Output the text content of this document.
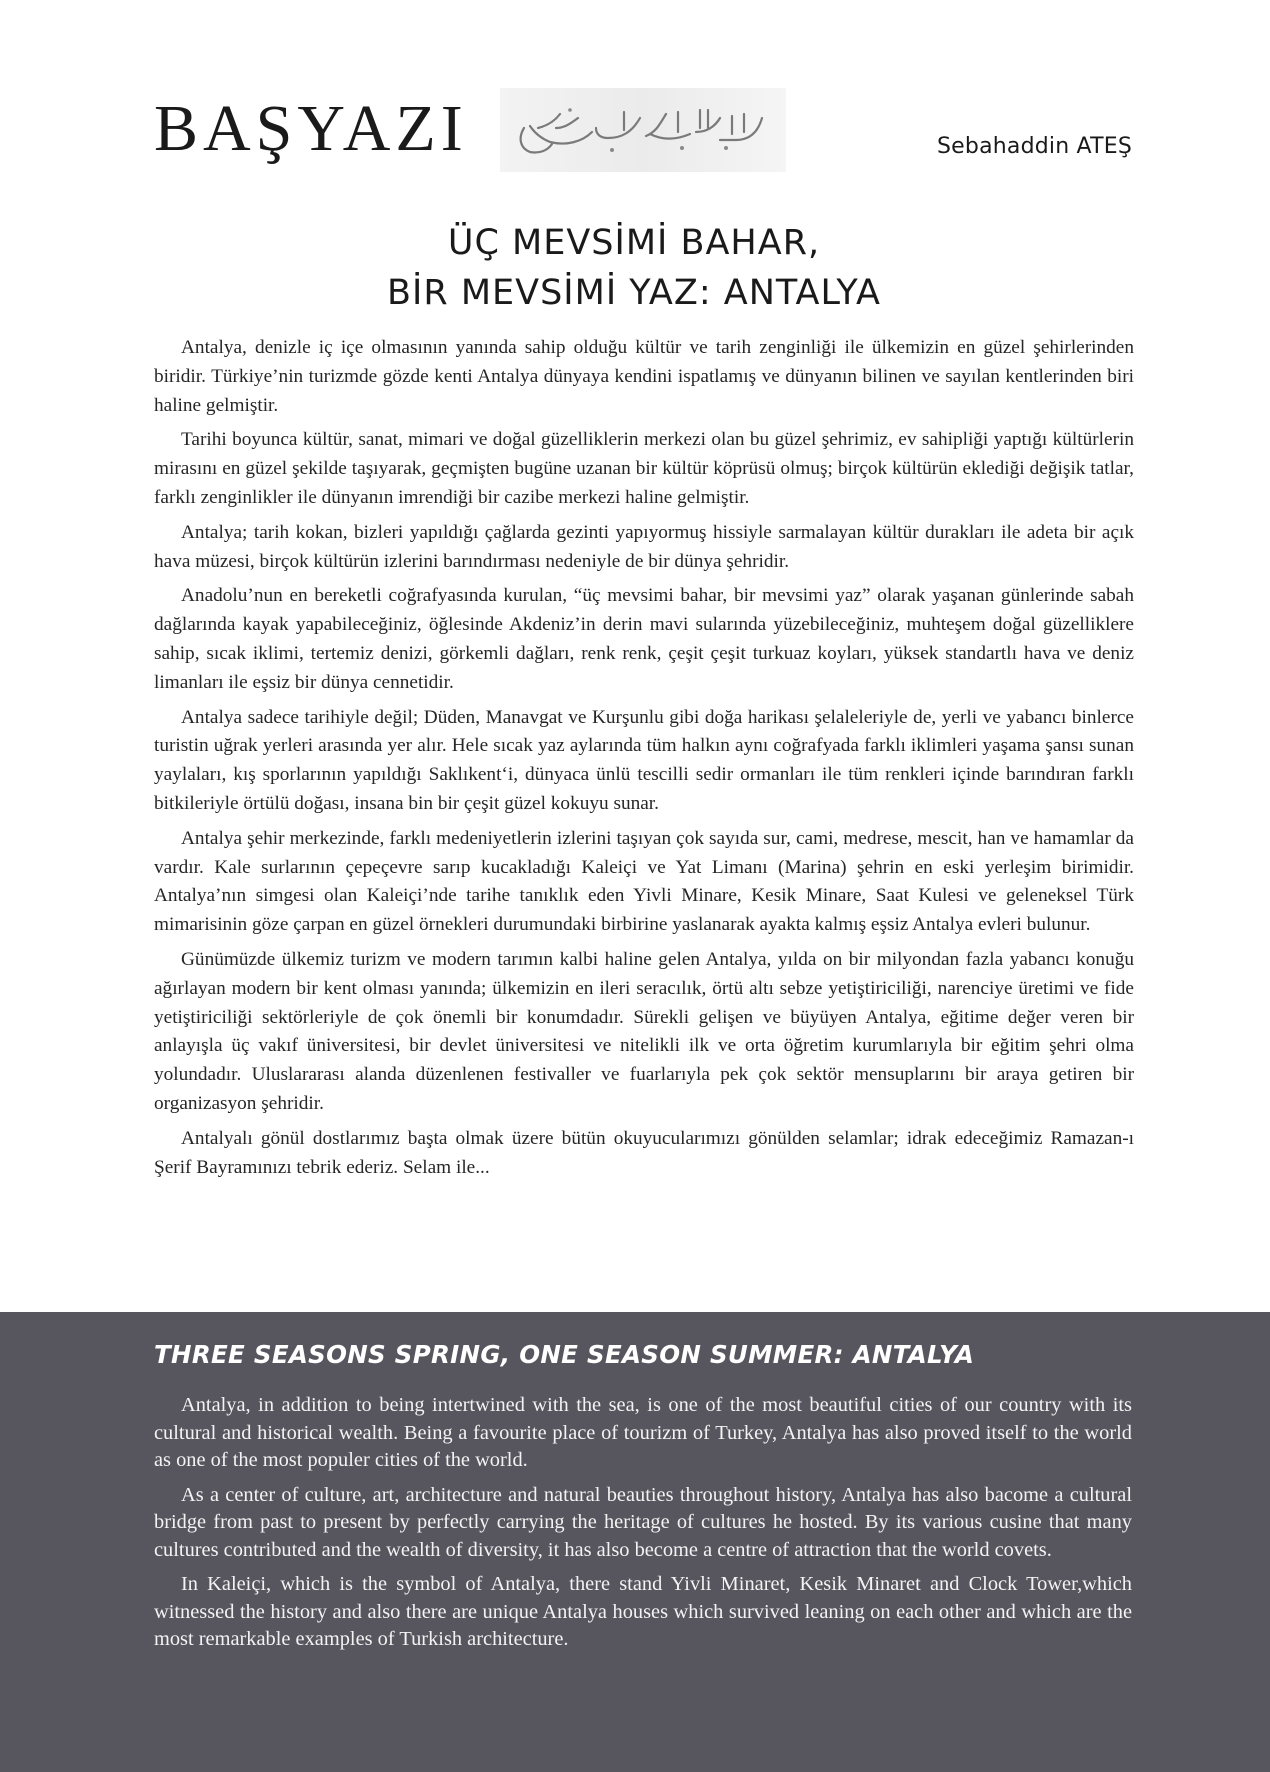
BAŞYAZI	Sebahaddin ATEŞ
ÜÇ MEVSİMİ BAHAR,
BİR MEVSİMİ YAZ: ANTALYA

Antalya, denizle iç içe olmasının yanında sahip olduğu kültür ve tarih zenginliği ile ülkemizin en güzel şehirlerinden biridir. Türkiye’nin turizmde gözde kenti Antalya dünyaya kendini ispatlamış ve dünyanın bilinen ve sayılan kentlerinden biri haline gelmiştir.

Tarihi boyunca kültür, sanat, mimari ve doğal güzelliklerin merkezi olan bu güzel şehrimiz, ev sahipliği yaptığı kültürlerin mirasını en güzel şekilde taşıyarak, geçmişten bugüne uzanan bir kültür köprüsü olmuş; birçok kültürün eklediği değişik tatlar, farklı zenginlikler ile dünyanın imrendiği bir cazibe merkezi haline gelmiştir.

Antalya; tarih kokan, bizleri yapıldığı çağlarda gezinti yapıyormuş hissiyle sarmalayan kültür durakları ile adeta bir açık hava müzesi, birçok kültürün izlerini barındırması nedeniyle de bir dünya şehridir.

Anadolu’nun en bereketli coğrafyasında kurulan, “üç mevsimi bahar, bir mevsimi yaz” olarak yaşanan günlerinde sabah dağlarında kayak yapabileceğiniz, öğlesinde Akdeniz’in derin mavi sularında yüzebileceğiniz, muhteşem doğal güzelliklere sahip, sıcak iklimi, tertemiz denizi, görkemli dağları, renk renk, çeşit çeşit turkuaz koyları, yüksek standartlı hava ve deniz limanları ile eşsiz bir dünya cennetidir.

Antalya sadece tarihiyle değil; Düden, Manavgat ve Kurşunlu gibi doğa harikası şelaleleriyle de, yerli ve yabancı binlerce turistin uğrak yerleri arasında yer alır. Hele sıcak yaz aylarında tüm halkın aynı coğrafyada farklı iklimleri yaşama şansı sunan yaylaları, kış sporlarının yapıldığı Saklıkent‘i, dünyaca ünlü tescilli sedir ormanları ile tüm renkleri içinde barındıran farklı bitkileriyle örtülü doğası, insana bin bir çeşit güzel kokuyu sunar.

Antalya şehir merkezinde, farklı medeniyetlerin izlerini taşıyan çok sayıda sur, cami, medrese, mescit, han ve hamamlar da vardır. Kale surlarının çepeçevre sarıp kucakladığı Kaleiçi ve Yat Limanı (Marina) şehrin en eski yerleşim birimidir. Antalya’nın simgesi olan Kaleiçi’nde tarihe tanıklık eden Yivli Minare, Kesik Minare, Saat Kulesi ve geleneksel Türk mimarisinin göze çarpan en güzel örnekleri durumundaki birbirine yaslanarak ayakta kalmış eşsiz Antalya evleri bulunur.

Günümüzde ülkemiz turizm ve modern tarımın kalbi haline gelen Antalya, yılda on bir milyondan fazla yabancı konuğu ağırlayan modern bir kent olması yanında; ülkemizin en ileri seracılık, örtü altı sebze yetiştiriciliği, narenciye üretimi ve fide yetiştiriciliği sektörleriyle de çok önemli bir konumdadır. Sürekli gelişen ve büyüyen Antalya, eğitime değer veren bir anlayışla üç vakıf üniversitesi, bir devlet üniversitesi ve nitelikli ilk ve orta öğretim kurumlarıyla bir eğitim şehri olma yolundadır. Uluslararası alanda düzenlenen festivaller ve fuarlarıyla pek çok sektör mensuplarını bir araya getiren bir organizasyon şehridir.

Antalyalı gönül dostlarımız başta olmak üzere bütün okuyucularımızı gönülden selamlar; idrak edeceğimiz Ramazan-ı Şerif Bayramınızı tebrik ederiz. Selam ile...

THREE SEASONS SPRING, ONE SEASON SUMMER: ANTALYA

Antalya, in addition to being intertwined with the sea, is one of the most beautiful cities of our country with its cultural and historical wealth. Being a favourite place of tourizm of Turkey, Antalya has also proved itself to the world as one of the most populer cities of the world.

As a center of culture, art, architecture and natural beauties throughout history, Antalya has also bacome a cultural bridge from past to present by perfectly carrying the heritage of cultures he hosted. By its various cusine that many cultures contributed and the wealth of diversity, it has also become a centre of attraction that the world covets.

In Kaleiçi, which is the symbol of Antalya, there stand Yivli Minaret, Kesik Minaret and Clock Tower,which witnessed the history and also there are unique Antalya houses which survived leaning on each other and which are the most remarkable examples of Turkish architecture.
